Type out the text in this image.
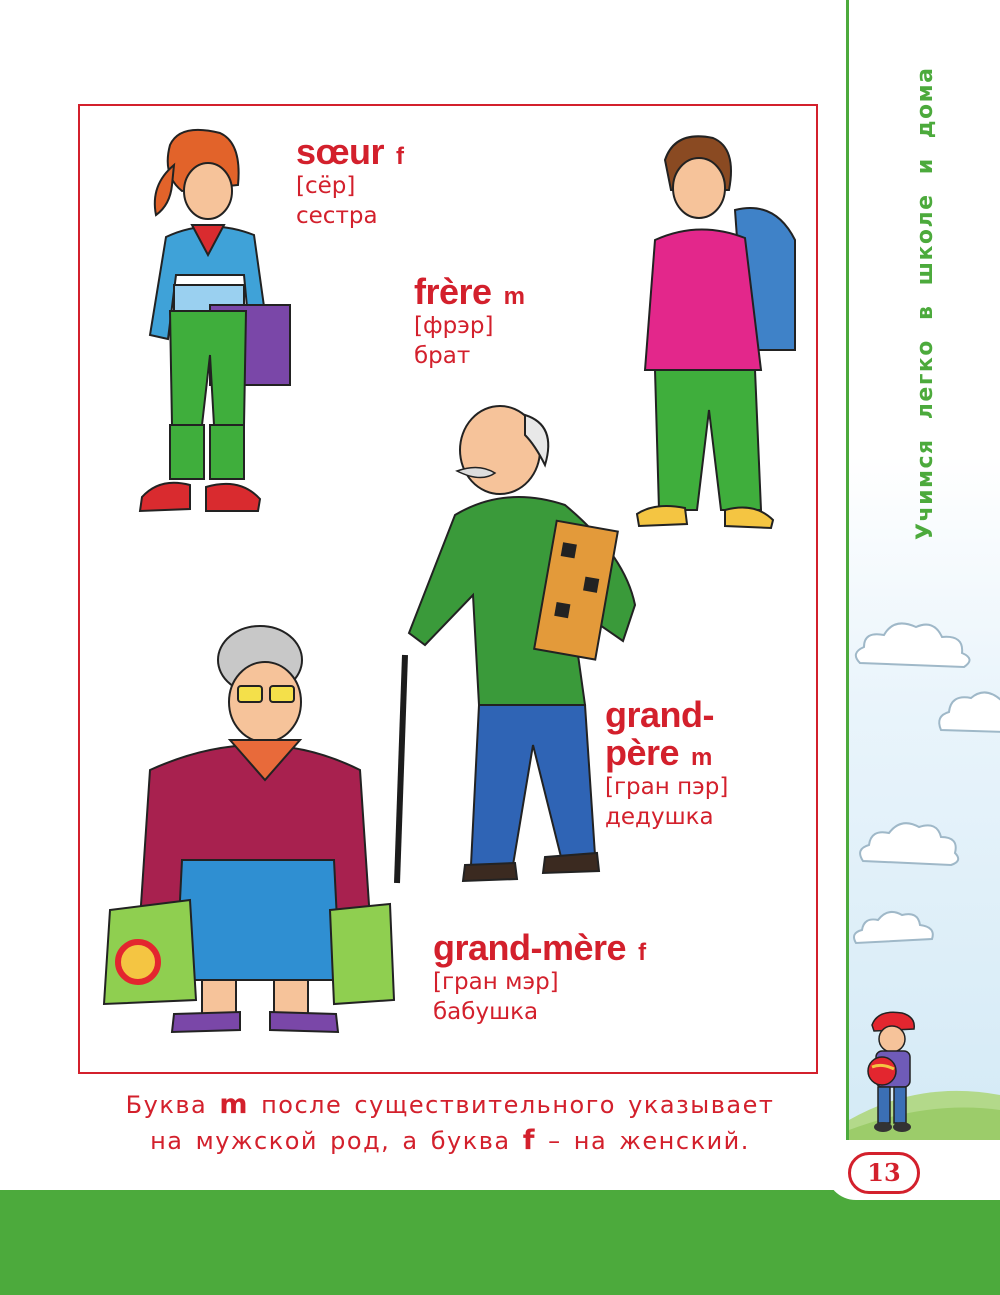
Учимся легко в школе и дома
13
sœur f
[сёр]
сестра
frère m
[фрэр]
брат
grand-
père m
[гран пэр]
дедушка
grand-mère f
[гран мэр]
бабушка
Буква m после существительного указывает
на мужской род, а буква f – на женский.
